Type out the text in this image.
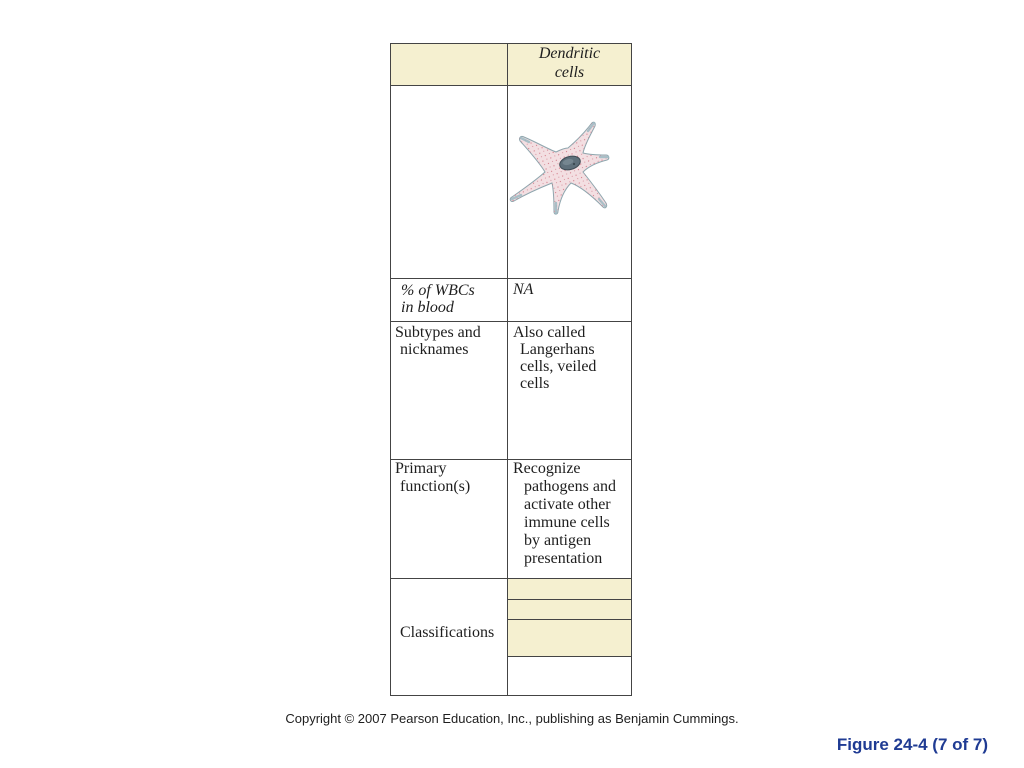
Dendritic
cells
% of WBCs
in blood
NA
Subtypes and
nicknames
Also called
Langerhans
cells, veiled
cells
Primary
function(s)
Recognize
pathogens and
activate other
immune cells
by antigen
presentation
Classifications
Copyright © 2007 Pearson Education, Inc., publishing as Benjamin Cummings.
Figure 24-4 (7 of 7)
